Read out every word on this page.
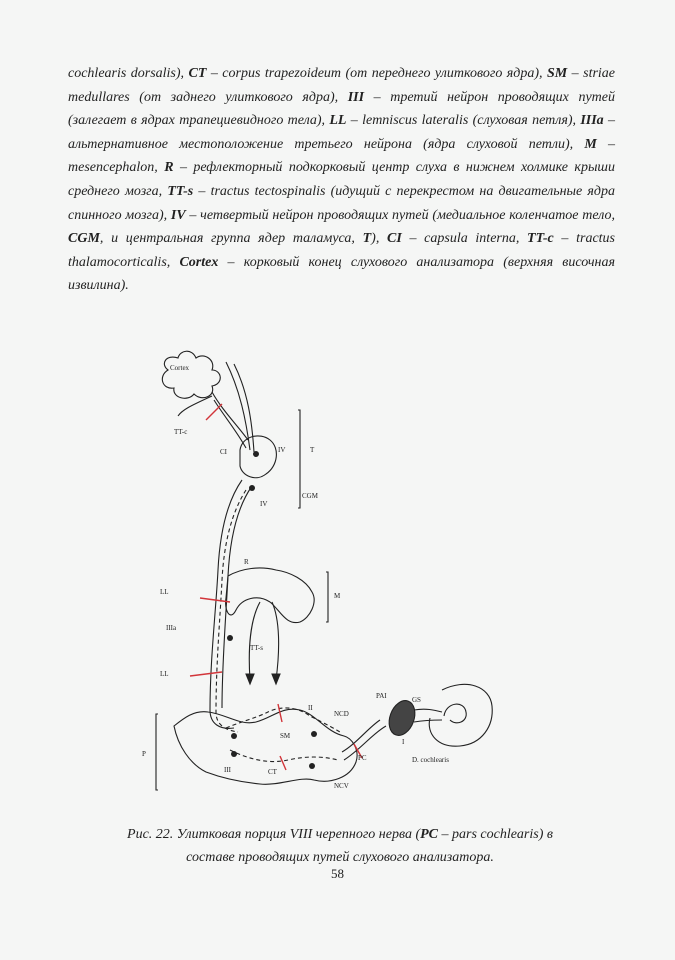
cochlearis dorsalis), CT – corpus trapezoideum (от переднего улиткового ядра), SM – striae medullares (от заднего улиткового ядра), III – третий нейрон проводящих путей (залегает в ядрах трапециевидного тела), LL – lemniscus lateralis (слуховая петля), IIIa – альтернативное местоположение третьего нейрона (ядра слуховой петли), M – mesencephalon, R – рефлекторный подкорковый центр слуха в нижнем холмике крыши среднего мозга, TT-s – tractus tectospinalis (идущий с перекрестом на двигательные ядра спинного мозга), IV – четвертый нейрон проводящих путей (медиальное коленчатое тело, CGM, и центральная группа ядер таламуса, T), CI – capsula interna, TT-c – tractus thalamocorticalis, Cortex – корковый конец слухового анализатора (верхняя височная извилина).
Cortex
TT-c
CI	IV	T
IV
CGM
R
LL	M
IIIa
TT-s
LL
PAI	GS
II
NCD
SM
P
I
PC	D. cochlearis
III	CT
NCV
Рис. 22. Улитковая порция VIII черепного нерва (PC – pars cochlearis) в
составе проводящих путей слухового анализатора.
58
